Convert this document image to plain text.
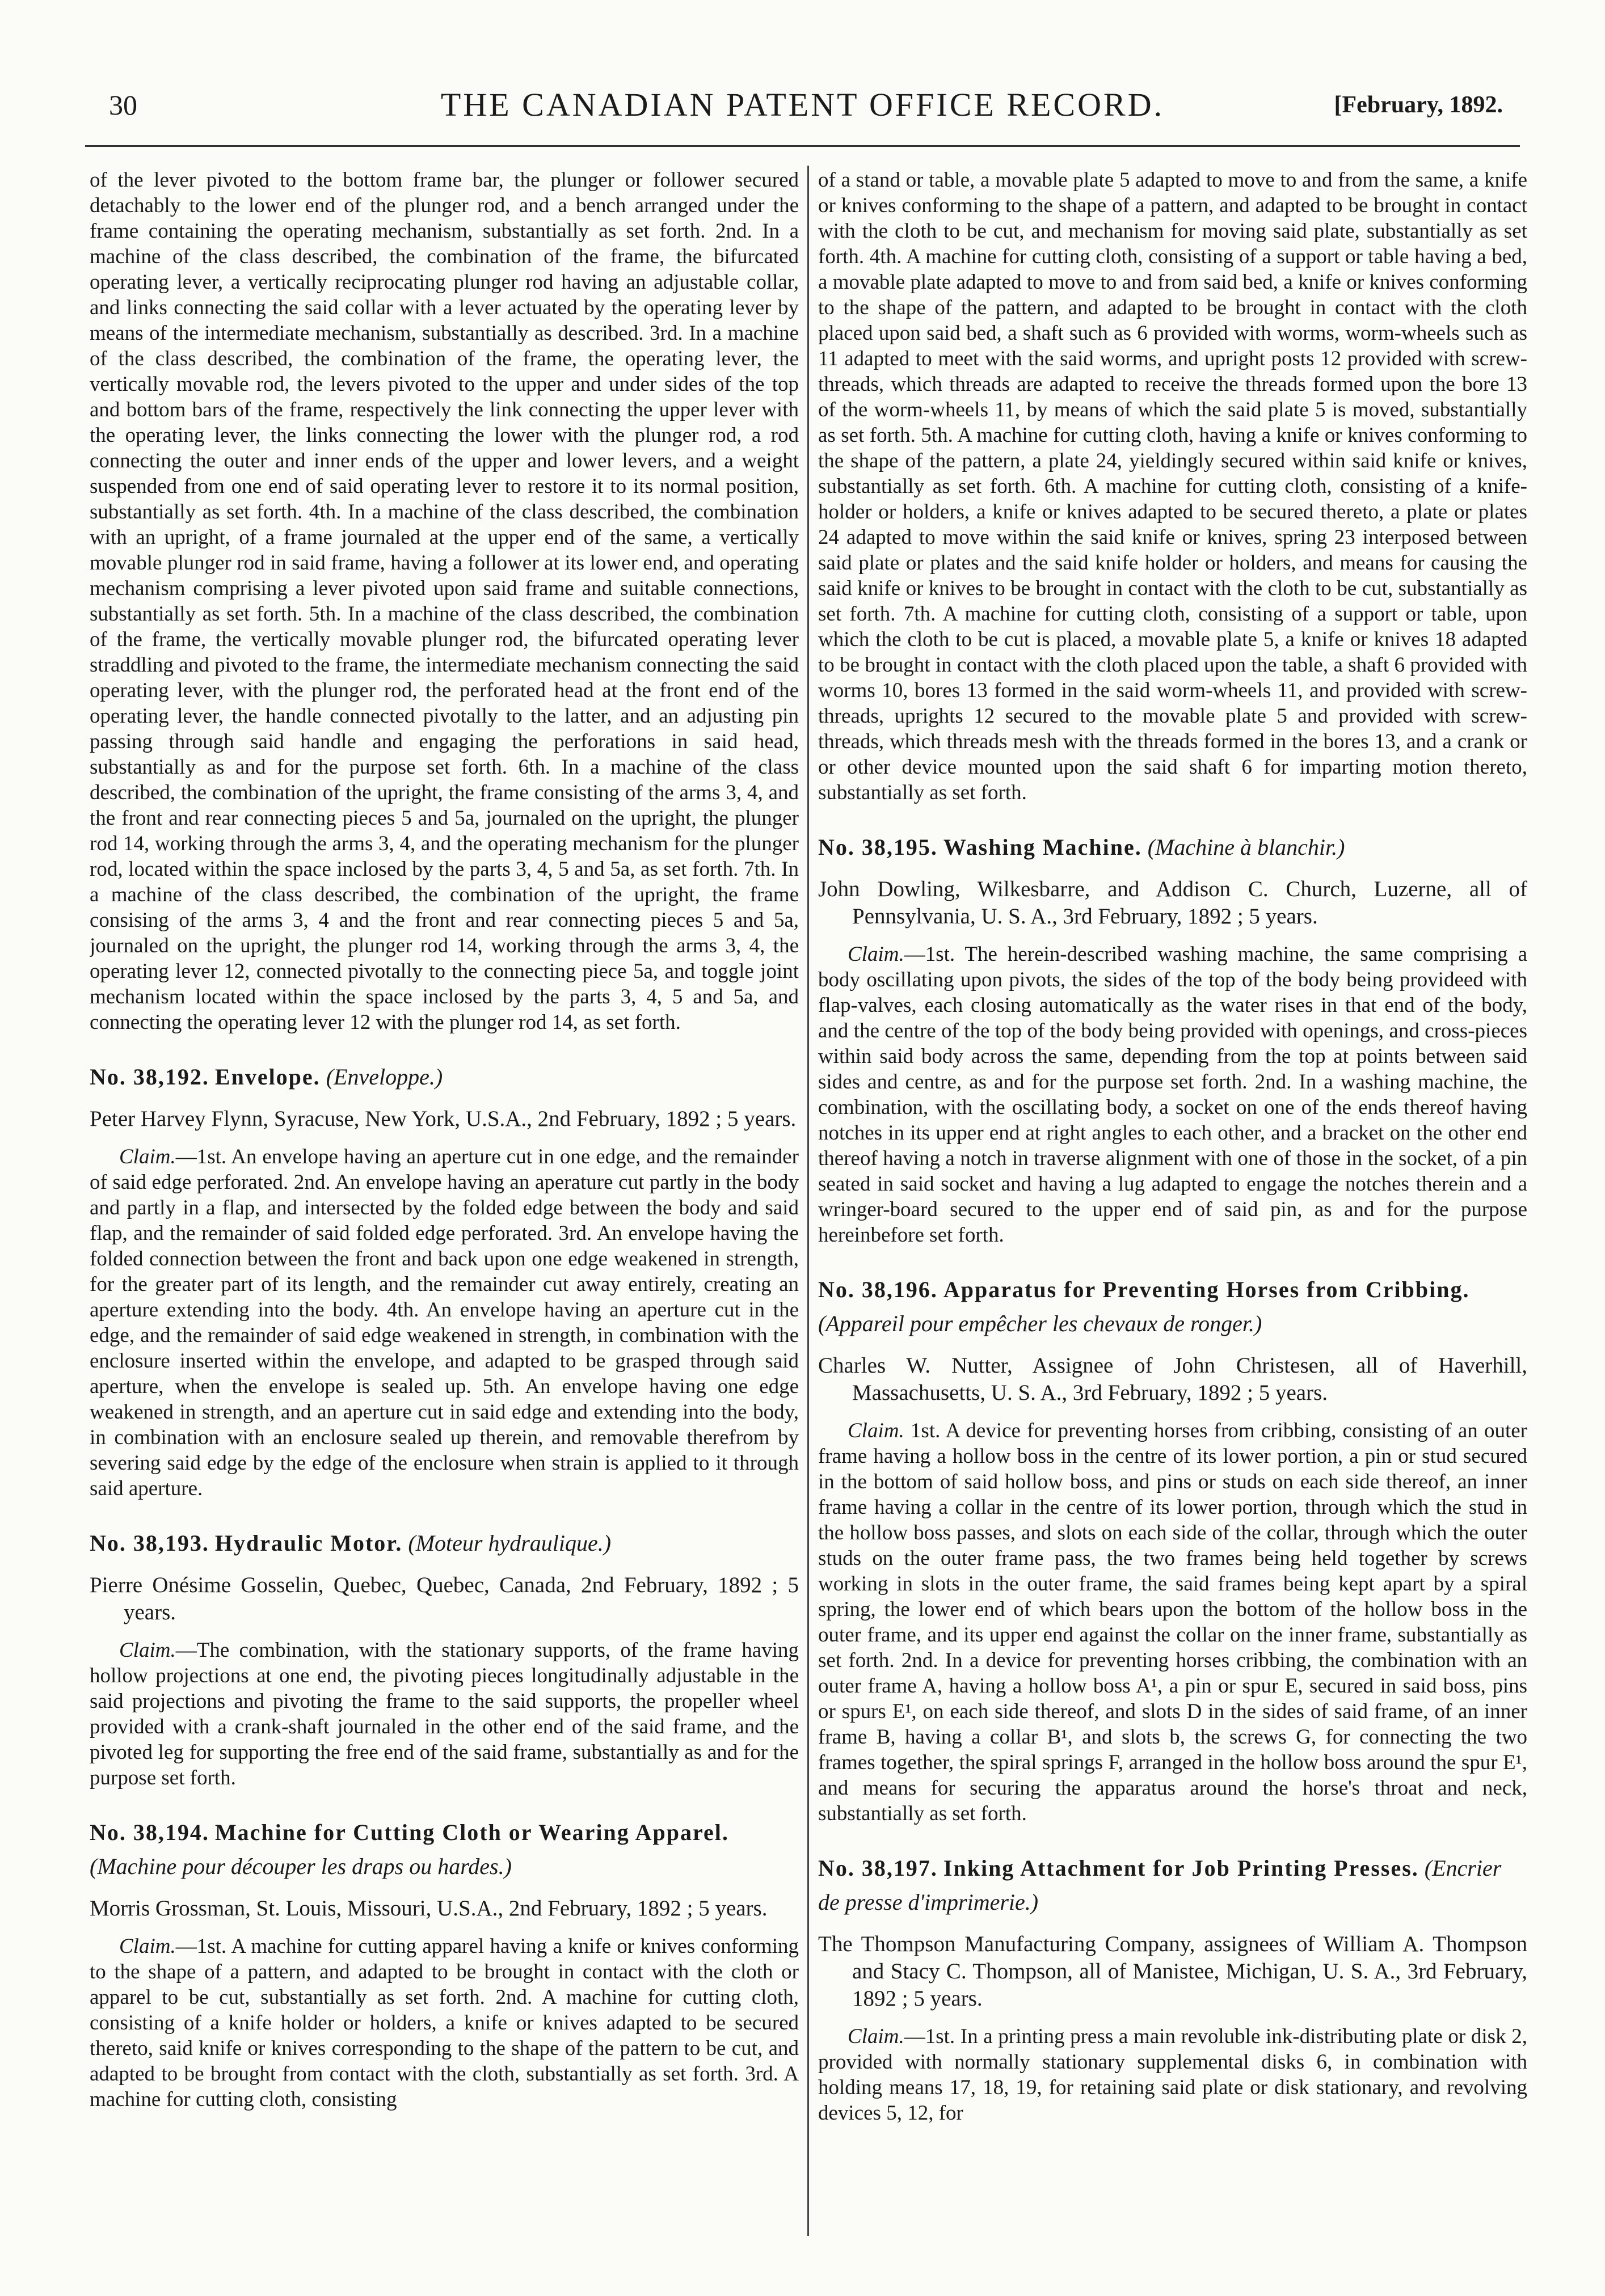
30	THE CANADIAN PATENT OFFICE RECORD.	[February, 1892.

of the lever pivoted to the bottom frame bar, the plunger or follower secured detachably to the lower end of the plunger rod, and a bench arranged under the frame containing the operating mechanism, substantially as set forth. 2nd. In a machine of the class described, the combination of the frame, the bifurcated operating lever, a vertically reciprocating plunger rod having an adjustable collar, and links connecting the said collar with a lever actuated by the operating lever by means of the intermediate mechanism, substantially as described. 3rd. In a machine of the class described, the combination of the frame, the operating lever, the vertically movable rod, the levers pivoted to the upper and under sides of the top and bottom bars of the frame, respectively the link connecting the upper lever with the operating lever, the links connecting the lower with the plunger rod, a rod connecting the outer and inner ends of the upper and lower levers, and a weight suspended from one end of said operating lever to restore it to its normal position, substantially as set forth. 4th. In a machine of the class described, the combination with an upright, of a frame journaled at the upper end of the same, a vertically movable plunger rod in said frame, having a follower at its lower end, and operating mechanism comprising a lever pivoted upon said frame and suitable connections, substantially as set forth. 5th. In a machine of the class described, the combination of the frame, the vertically movable plunger rod, the bifurcated operating lever straddling and pivoted to the frame, the intermediate mechanism connecting the said operating lever, with the plunger rod, the perforated head at the front end of the operating lever, the handle connected pivotally to the latter, and an adjusting pin passing through said handle and engaging the perforations in said head, substantially as and for the purpose set forth. 6th. In a machine of the class described, the combination of the upright, the frame consisting of the arms 3, 4, and the front and rear connecting pieces 5 and 5a, journaled on the upright, the plunger rod 14, working through the arms 3, 4, and the operating mechanism for the plunger rod, located within the space inclosed by the parts 3, 4, 5 and 5a, as set forth. 7th. In a machine of the class described, the combination of the upright, the frame consising of the arms 3, 4 and the front and rear connecting pieces 5 and 5a, journaled on the upright, the plunger rod 14, working through the arms 3, 4, the operating lever 12, connected pivotally to the connecting piece 5a, and toggle joint mechanism located within the space inclosed by the parts 3, 4, 5 and 5a, and connecting the operating lever 12 with the plunger rod 14, as set forth.

No. 38,192. Envelope. (Enveloppe.)

Peter Harvey Flynn, Syracuse, New York, U.S.A., 2nd February, 1892 ; 5 years.

Claim.—1st. An envelope having an aperture cut in one edge, and the remainder of said edge perforated. 2nd. An envelope having an aperature cut partly in the body and partly in a flap, and intersected by the folded edge between the body and said flap, and the remainder of said folded edge perforated. 3rd. An envelope having the folded connection between the front and back upon one edge weakened in strength, for the greater part of its length, and the remainder cut away entirely, creating an aperture extending into the body. 4th. An envelope having an aperture cut in the edge, and the remainder of said edge weakened in strength, in combination with the enclosure inserted within the envelope, and adapted to be grasped through said aperture, when the envelope is sealed up. 5th. An envelope having one edge weakened in strength, and an aperture cut in said edge and extending into the body, in combination with an enclosure sealed up therein, and removable therefrom by severing said edge by the edge of the enclosure when strain is applied to it through said aperture.

No. 38,193. Hydraulic Motor. (Moteur hydraulique.)

Pierre Onésime Gosselin, Quebec, Quebec, Canada, 2nd February, 1892 ; 5 years.

Claim.—The combination, with the stationary supports, of the frame having hollow projections at one end, the pivoting pieces longitudinally adjustable in the said projections and pivoting the frame to the said supports, the propeller wheel provided with a crank-shaft journaled in the other end of the said frame, and the pivoted leg for supporting the free end of the said frame, substantially as and for the purpose set forth.

No. 38,194. Machine for Cutting Cloth or Wearing Apparel. (Machine pour découper les draps ou hardes.)

Morris Grossman, St. Louis, Missouri, U.S.A., 2nd February, 1892 ; 5 years.

Claim.—1st. A machine for cutting apparel having a knife or knives conforming to the shape of a pattern, and adapted to be brought in contact with the cloth or apparel to be cut, substantially as set forth. 2nd. A machine for cutting cloth, consisting of a knife holder or holders, a knife or knives adapted to be secured thereto, said knife or knives corresponding to the shape of the pattern to be cut, and adapted to be brought from contact with the cloth, substantially as set forth. 3rd. A machine for cutting cloth, consisting

of a stand or table, a movable plate 5 adapted to move to and from the same, a knife or knives conforming to the shape of a pattern, and adapted to be brought in contact with the cloth to be cut, and mechanism for moving said plate, substantially as set forth. 4th. A machine for cutting cloth, consisting of a support or table having a bed, a movable plate adapted to move to and from said bed, a knife or knives conforming to the shape of the pattern, and adapted to be brought in contact with the cloth placed upon said bed, a shaft such as 6 provided with worms, worm-wheels such as 11 adapted to meet with the said worms, and upright posts 12 provided with screw-threads, which threads are adapted to receive the threads formed upon the bore 13 of the worm-wheels 11, by means of which the said plate 5 is moved, substantially as set forth. 5th. A machine for cutting cloth, having a knife or knives conforming to the shape of the pattern, a plate 24, yieldingly secured within said knife or knives, substantially as set forth. 6th. A machine for cutting cloth, consisting of a knife-holder or holders, a knife or knives adapted to be secured thereto, a plate or plates 24 adapted to move within the said knife or knives, spring 23 interposed between said plate or plates and the said knife holder or holders, and means for causing the said knife or knives to be brought in contact with the cloth to be cut, substantially as set forth. 7th. A machine for cutting cloth, consisting of a support or table, upon which the cloth to be cut is placed, a movable plate 5, a knife or knives 18 adapted to be brought in contact with the cloth placed upon the table, a shaft 6 provided with worms 10, bores 13 formed in the said worm-wheels 11, and provided with screw-threads, uprights 12 secured to the movable plate 5 and provided with screw-threads, which threads mesh with the threads formed in the bores 13, and a crank or or other device mounted upon the said shaft 6 for imparting motion thereto, substantially as set forth.

No. 38,195. Washing Machine. (Machine à blanchir.)

John Dowling, Wilkesbarre, and Addison C. Church, Luzerne, all of Pennsylvania, U. S. A., 3rd February, 1892 ; 5 years.

Claim.—1st. The herein-described washing machine, the same comprising a body oscillating upon pivots, the sides of the top of the body being provideed with flap-valves, each closing automatically as the water rises in that end of the body, and the centre of the top of the body being provided with openings, and cross-pieces within said body across the same, depending from the top at points between said sides and centre, as and for the purpose set forth. 2nd. In a washing machine, the combination, with the oscillating body, a socket on one of the ends thereof having notches in its upper end at right angles to each other, and a bracket on the other end thereof having a notch in traverse alignment with one of those in the socket, of a pin seated in said socket and having a lug adapted to engage the notches therein and a wringer-board secured to the upper end of said pin, as and for the purpose hereinbefore set forth.

No. 38,196. Apparatus for Preventing Horses from Cribbing. (Appareil pour empêcher les chevaux de ronger.)

Charles W. Nutter, Assignee of John Christesen, all of Haverhill, Massachusetts, U. S. A., 3rd February, 1892 ; 5 years.

Claim. 1st. A device for preventing horses from cribbing, consisting of an outer frame having a hollow boss in the centre of its lower portion, a pin or stud secured in the bottom of said hollow boss, and pins or studs on each side thereof, an inner frame having a collar in the centre of its lower portion, through which the stud in the hollow boss passes, and slots on each side of the collar, through which the outer studs on the outer frame pass, the two frames being held together by screws working in slots in the outer frame, the said frames being kept apart by a spiral spring, the lower end of which bears upon the bottom of the hollow boss in the outer frame, and its upper end against the collar on the inner frame, substantially as set forth. 2nd. In a device for preventing horses cribbing, the combination with an outer frame A, having a hollow boss A¹, a pin or spur E, secured in said boss, pins or spurs E¹, on each side thereof, and slots D in the sides of said frame, of an inner frame B, having a collar B¹, and slots b, the screws G, for connecting the two frames together, the spiral springs F, arranged in the hollow boss around the spur E¹, and means for securing the apparatus around the horse's throat and neck, substantially as set forth.

No. 38,197. Inking Attachment for Job Printing Presses. (Encrier de presse d'imprimerie.)

The Thompson Manufacturing Company, assignees of William A. Thompson and Stacy C. Thompson, all of Manistee, Michigan, U. S. A., 3rd February, 1892 ; 5 years.

Claim.—1st. In a printing press a main revoluble ink-distributing plate or disk 2, provided with normally stationary supplemental disks 6, in combination with holding means 17, 18, 19, for retaining said plate or disk stationary, and revolving devices 5, 12, for
